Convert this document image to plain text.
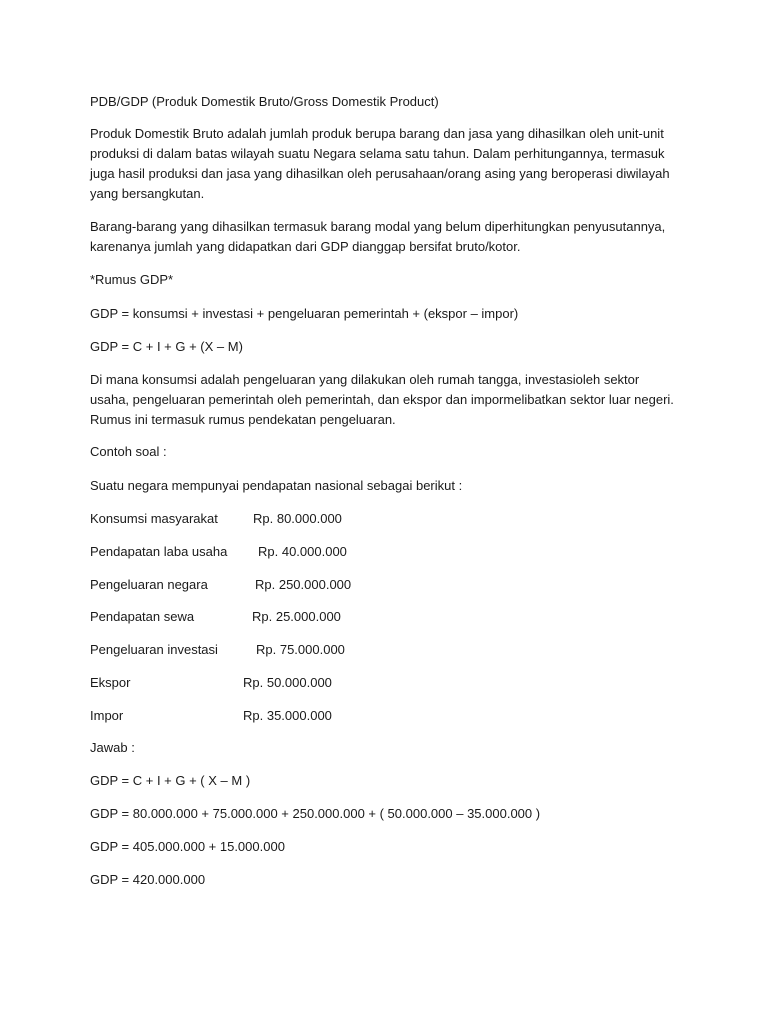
PDB/GDP (Produk Domestik Bruto/Gross Domestik Product)

Produk Domestik Bruto adalah jumlah produk berupa barang dan jasa yang dihasilkan oleh unit-unit produksi di dalam batas wilayah suatu Negara selama satu tahun. Dalam perhitungannya, termasuk juga hasil produksi dan jasa yang dihasilkan oleh perusahaan/orang asing yang beroperasi diwilayah yang bersangkutan.

Barang-barang yang dihasilkan termasuk barang modal yang belum diperhitungkan penyusutannya, karenanya jumlah yang didapatkan dari GDP dianggap bersifat bruto/kotor.

*Rumus GDP*

GDP = konsumsi + investasi + pengeluaran pemerintah + (ekspor – impor)

GDP = C + I + G + (X – M)

Di mana konsumsi adalah pengeluaran yang dilakukan oleh rumah tangga, investasioleh sektor usaha, pengeluaran pemerintah oleh pemerintah, dan ekspor dan impormelibatkan sektor luar negeri. Rumus ini termasuk rumus pendekatan pengeluaran.

Contoh soal :

Suatu negara mempunyai pendapatan nasional sebagai berikut :

Konsumsi masyarakat	Rp. 80.000.000
Pendapatan laba usaha Rp. 40.000.000
Pengeluaran negara	Rp. 250.000.000
Pendapatan sewa	Rp. 25.000.000
Pengeluaran investasi	Rp. 75.000.000
Ekspor	Rp. 50.000.000
Impor	Rp. 35.000.000

Jawab :

GDP = C + I + G + ( X – M )

GDP = 80.000.000 + 75.000.000 + 250.000.000 + ( 50.000.000 – 35.000.000 )

GDP = 405.000.000 + 15.000.000

GDP = 420.000.000
